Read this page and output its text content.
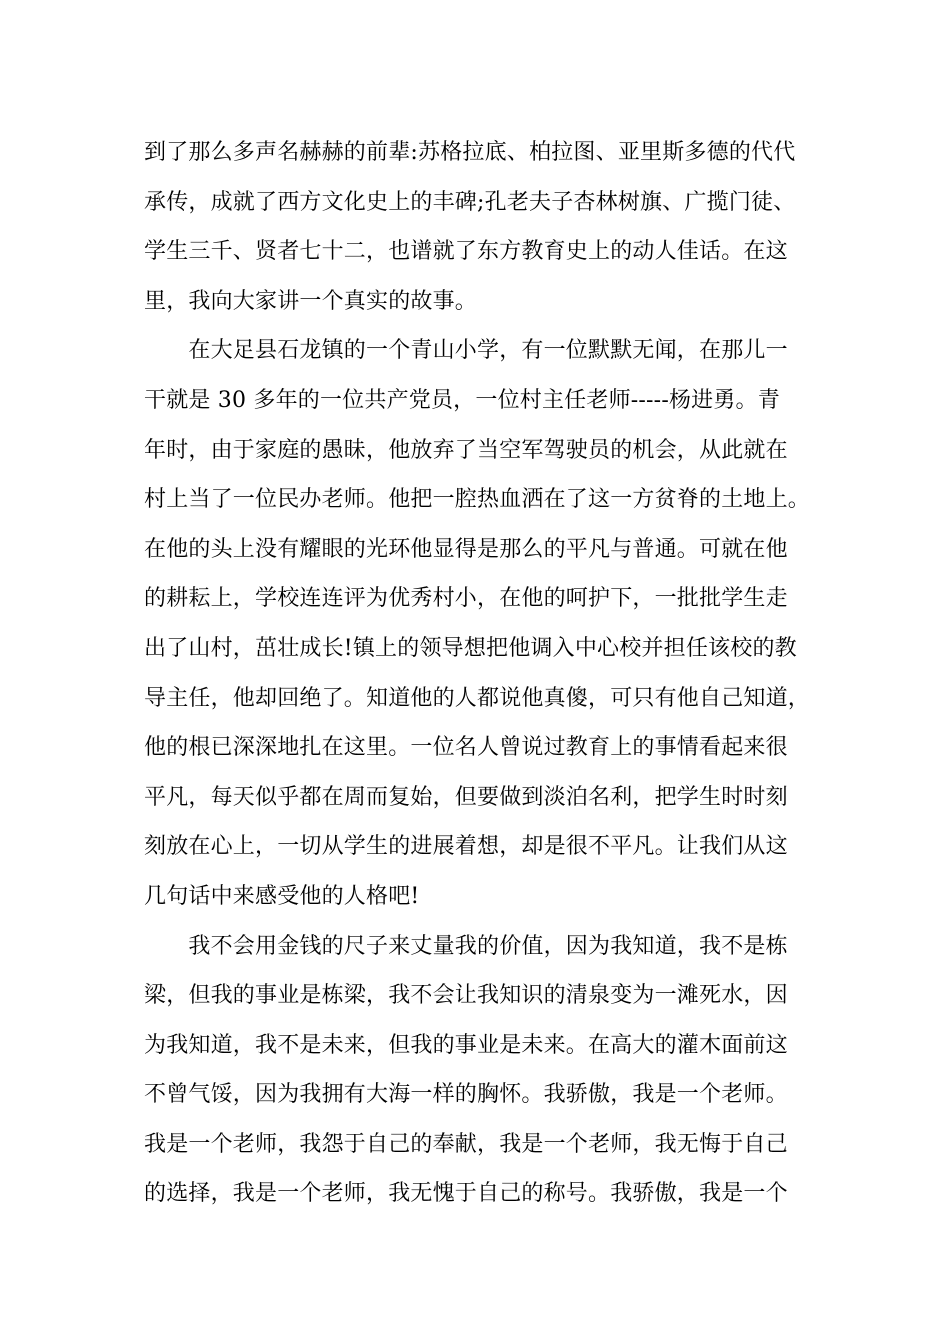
到了那么多声名赫赫的前辈:苏格拉底、柏拉图、亚里斯多德的代代
承传，成就了西方文化史上的丰碑;孔老夫子杏林树旗、广揽门徒、
学生三千、贤者七十二，也谱就了东方教育史上的动人佳话。在这
里，我向大家讲一个真实的故事。
　　在大足县石龙镇的一个青山小学，有一位默默无闻，在那儿一
干就是 30 多年的一位共产党员，一位村主任老师-----杨进勇。青
年时，由于家庭的愚昧，他放弃了当空军驾驶员的机会，从此就在
村上当了一位民办老师。他把一腔热血洒在了这一方贫脊的土地上。
在他的头上没有耀眼的光环他显得是那么的平凡与普通。可就在他
的耕耘上，学校连连评为优秀村小，在他的呵护下，一批批学生走
出了山村，茁壮成长!镇上的领导想把他调入中心校并担任该校的教
导主任，他却回绝了。知道他的人都说他真傻，可只有他自己知道，
他的根已深深地扎在这里。一位名人曾说过教育上的事情看起来很
平凡，每天似乎都在周而复始，但要做到淡泊名利，把学生时时刻
刻放在心上，一切从学生的进展着想，却是很不平凡。让我们从这
几句话中来感受他的人格吧!
　　我不会用金钱的尺子来丈量我的价值，因为我知道，我不是栋
梁，但我的事业是栋梁，我不会让我知识的清泉变为一滩死水，因
为我知道，我不是未来，但我的事业是未来。在高大的灌木面前这
不曾气馁，因为我拥有大海一样的胸怀。我骄傲，我是一个老师。
我是一个老师，我怨于自己的奉献，我是一个老师，我无悔于自己
的选择，我是一个老师，我无愧于自己的称号。我骄傲，我是一个
